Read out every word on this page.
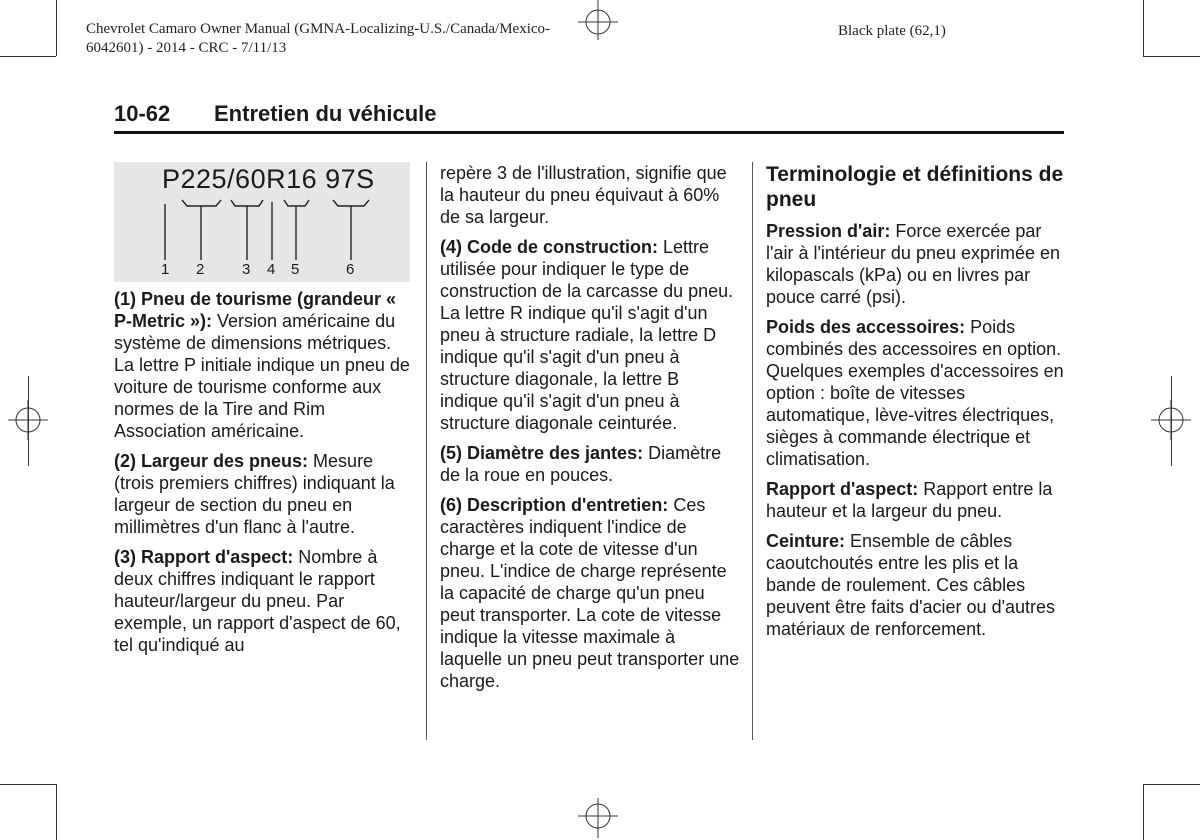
Chevrolet Camaro Owner Manual (GMNA-Localizing-U.S./Canada/Mexico-
6042601) - 2014 - CRC - 7/11/13
Black plate (62,1)
10-62 Entretien du véhicule
P225/60R16 97S
1 2	3 4 5	6

(1) Pneu de tourisme (grandeur « P-Metric »): Version américaine du système de dimensions métriques. La lettre P initiale indique un pneu de voiture de tourisme conforme aux normes de la Tire and Rim Association américaine.

(2) Largeur des pneus: Mesure (trois premiers chiffres) indiquant la largeur de section du pneu en millimètres d'un flanc à l'autre.

(3) Rapport d'aspect: Nombre à deux chiffres indiquant le rapport hauteur/largeur du pneu. Par exemple, un rapport d'aspect de 60, tel qu'indiqué au

repère 3 de l'illustration, signifie que la hauteur du pneu équivaut à 60% de sa largeur.

(4) Code de construction: Lettre utilisée pour indiquer le type de construction de la carcasse du pneu. La lettre R indique qu'il s'agit d'un pneu à structure radiale, la lettre D indique qu'il s'agit d'un pneu à structure diagonale, la lettre B indique qu'il s'agit d'un pneu à structure diagonale ceinturée.

(5) Diamètre des jantes: Diamètre de la roue en pouces.

(6) Description d'entretien: Ces caractères indiquent l'indice de charge et la cote de vitesse d'un pneu. L'indice de charge représente la capacité de charge qu'un pneu peut transporter. La cote de vitesse indique la vitesse maximale à laquelle un pneu peut transporter une charge.

Terminologie et définitions de pneu

Pression d'air: Force exercée par l'air à l'intérieur du pneu exprimée en kilopascals (kPa) ou en livres par pouce carré (psi).

Poids des accessoires: Poids combinés des accessoires en option. Quelques exemples d'accessoires en option : boîte de vitesses automatique, lève-vitres électriques, sièges à commande électrique et climatisation.

Rapport d'aspect: Rapport entre la hauteur et la largeur du pneu.

Ceinture: Ensemble de câbles caoutchoutés entre les plis et la bande de roulement. Ces câbles peuvent être faits d'acier ou d'autres matériaux de renforcement.
